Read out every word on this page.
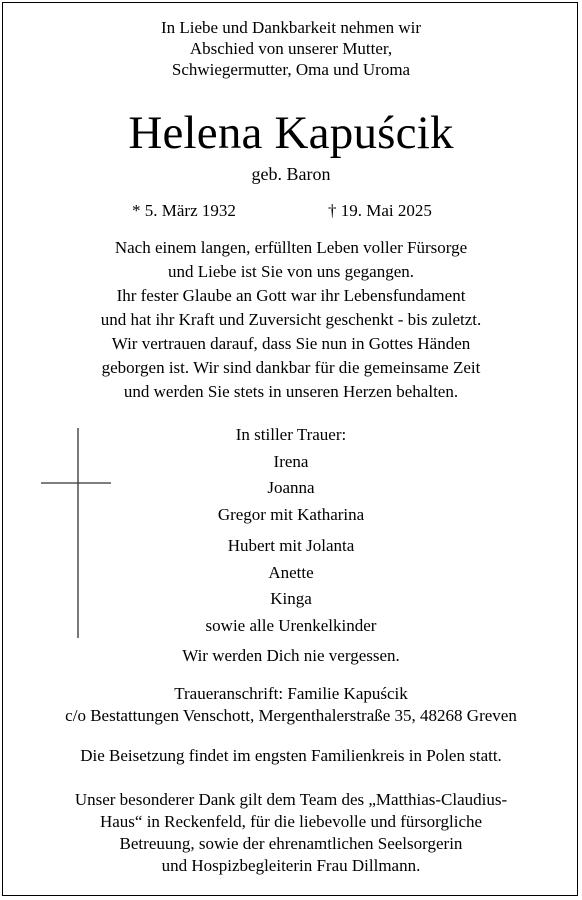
In Liebe und Dankbarkeit nehmen wir
Abschied von unserer Mutter,
Schwiegermutter, Oma und Uroma
Helena Kapuścik
geb. Baron
* 5. März 1932	† 19. Mai 2025
Nach einem langen, erfüllten Leben voller Fürsorge
und Liebe ist Sie von uns gegangen.
Ihr fester Glaube an Gott war ihr Lebensfundament
und hat ihr Kraft und Zuversicht geschenkt - bis zuletzt.
Wir vertrauen darauf, dass Sie nun in Gottes Händen
geborgen ist. Wir sind dankbar für die gemeinsame Zeit
und werden Sie stets in unseren Herzen behalten.
In stiller Trauer:
Irena
Joanna
Gregor mit Katharina
Hubert mit Jolanta
Anette
Kinga
sowie alle Urenkelkinder
Wir werden Dich nie vergessen.
Traueranschrift: Familie Kapuścik
c/o Bestattungen Venschott, Mergenthalerstraße 35, 48268 Greven
Die Beisetzung findet im engsten Familienkreis in Polen statt.
Unser besonderer Dank gilt dem Team des „Matthias-Claudius-
Haus“ in Reckenfeld, für die liebevolle und fürsorgliche
Betreuung, sowie der ehrenamtlichen Seelsorgerin
und Hospizbegleiterin Frau Dillmann.
